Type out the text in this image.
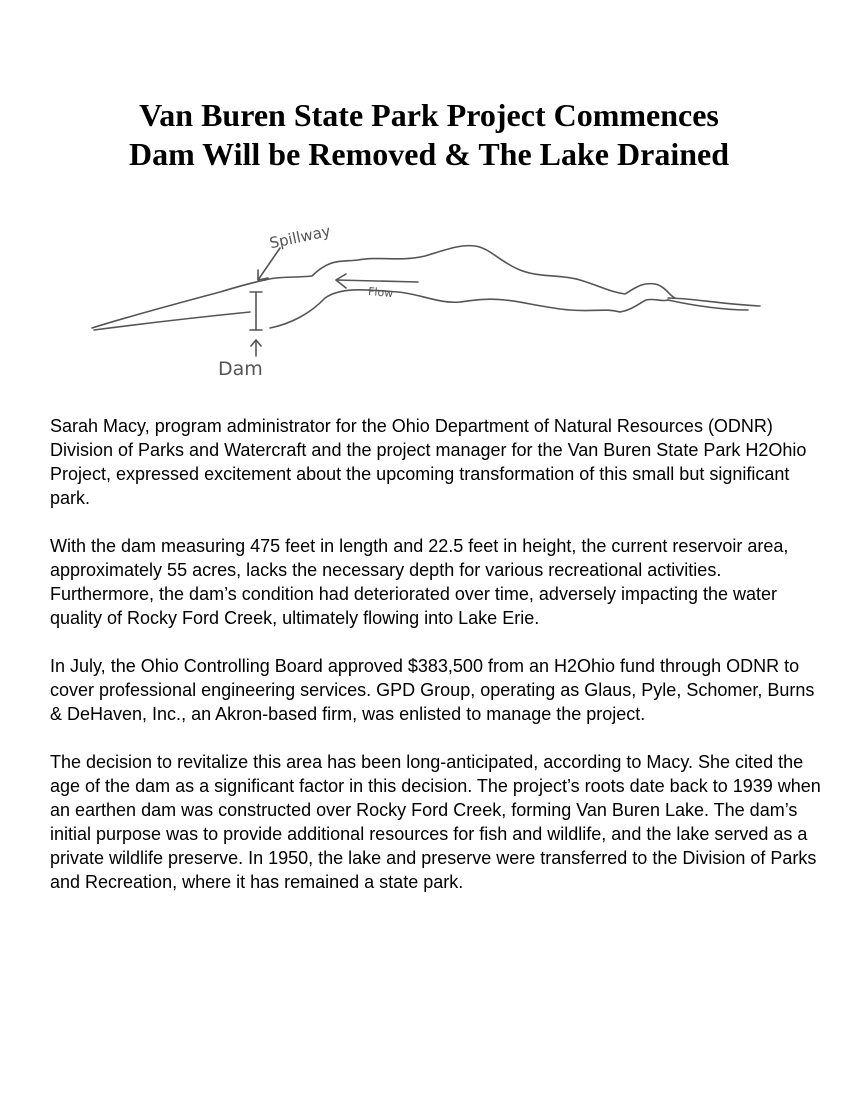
Van Buren State Park Project Commences
Dam Will be Removed & The Lake Drained
Dam
Flow
Spillway

Sarah Macy, program administrator for the Ohio Department of Natural Resources (ODNR) Division of Parks and Watercraft and the project manager for the Van Buren State Park H2Ohio Project, expressed excitement about the upcoming transformation of this small but significant park.

With the dam measuring 475 feet in length and 22.5 feet in height, the current reservoir area, approximately 55 acres, lacks the necessary depth for various recreational activities. Furthermore, the dam’s condition had deteriorated over time, adversely impacting the water quality of Rocky Ford Creek, ultimately flowing into Lake Erie.

In July, the Ohio Controlling Board approved $383,500 from an H2Ohio fund through ODNR to cover professional engineering services. GPD Group, operating as Glaus, Pyle, Schomer, Burns & DeHaven, Inc., an Akron-based firm, was enlisted to manage the project.

The decision to revitalize this area has been long-anticipated, according to Macy. She cited the age of the dam as a significant factor in this decision. The project’s roots date back to 1939 when an earthen dam was constructed over Rocky Ford Creek, forming Van Buren Lake. The dam’s initial purpose was to provide additional resources for fish and wildlife, and the lake served as a private wildlife preserve. In 1950, the lake and preserve were transferred to the Division of Parks and Recreation, where it has remained a state park.
